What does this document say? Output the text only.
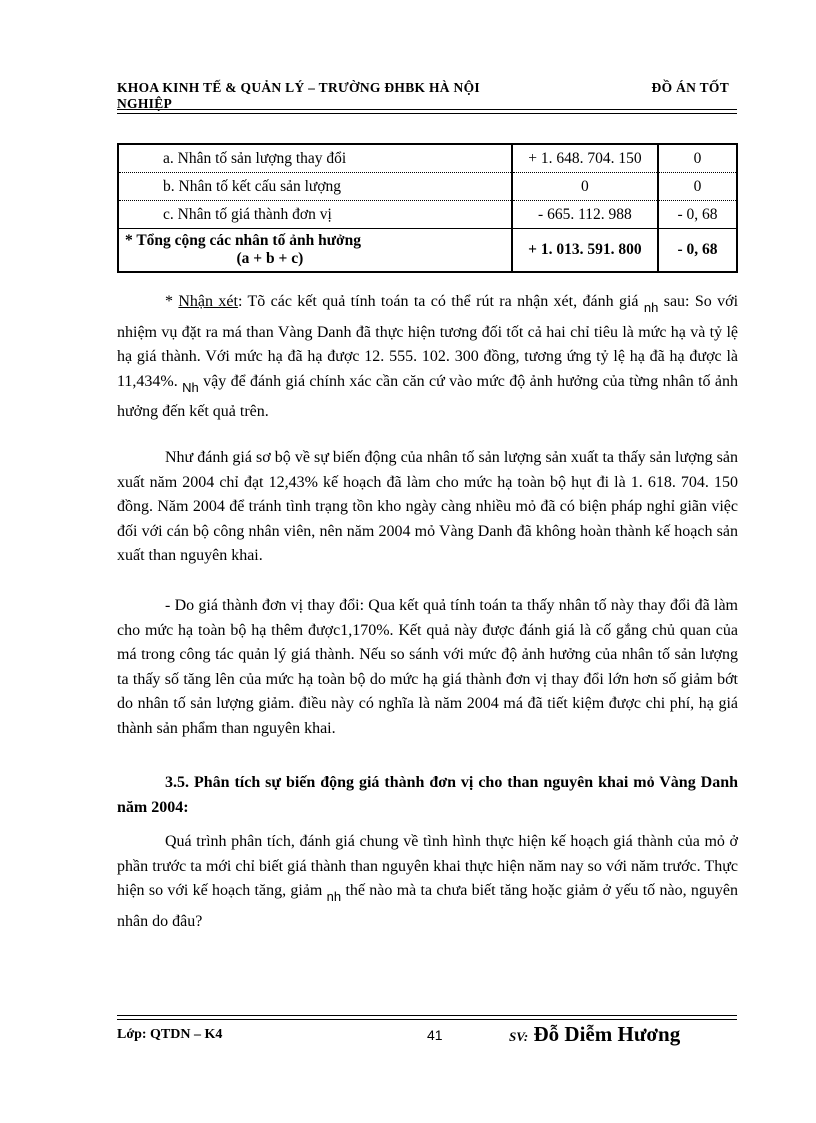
KHOA KINH TẾ & QUẢN LÝ – TRƯỜNG ĐHBK HÀ NỘI
NGHIỆP
ĐỒ ÁN TỐT
a. Nhân tố sản lượng thay đổi	+ 1. 648. 704. 150	0
b. Nhân tố kết cấu sản lượng	0	0
c. Nhân tố giá thành đơn vị	- 665. 112. 988	- 0, 68

* Tổng cộng các nhân tố ảnh hưởng
(a + b + c)	+ 1. 013. 591. 800	- 0, 68

* Nhận xét: Tõ các kết quả tính toán ta có thể rút ra nhận xét, đánh giá $_{nh}$ sau: So với nhiệm vụ đặt ra má than Vàng Danh đã thực hiện tương đối tốt cả hai chỉ tiêu là mức hạ và tỷ lệ hạ giá thành. Với mức hạ đã hạ được 12. 555. 102. 300 đồng, tương ứng tỷ lệ hạ đã hạ được là 11,434%. $_{Nh}$ vậy để đánh giá chính xác cần căn cứ vào mức độ ảnh hưởng của từng nhân tố ảnh hưởng đến kết quả trên.

Như đánh giá sơ bộ về sự biến động của nhân tố sản lượng sản xuất ta thấy sản lượng sản xuất năm 2004 chỉ đạt 12,43% kế hoạch đã làm cho mức hạ toàn bộ hụt đi là 1. 618. 704. 150 đồng. Năm 2004 để tránh tình trạng tồn kho ngày càng nhiều mỏ đã có biện pháp nghỉ giãn việc đối với cán bộ công nhân viên, nên năm 2004 mỏ Vàng Danh đã không hoàn thành kế hoạch sản xuất than nguyên khai.

- Do giá thành đơn vị thay đổi: Qua kết quả tính toán ta thấy nhân tố này thay đổi đã làm cho mức hạ toàn bộ hạ thêm được1,170%. Kết quả này được đánh giá là cố gắng chủ quan của má trong công tác quản lý giá thành. Nếu so sánh với mức độ ảnh hưởng của nhân tố sản lượng ta thấy số tăng lên của mức hạ toàn bộ do mức hạ giá thành đơn vị thay đổi lớn hơn số giảm bớt do nhân tố sản lượng giảm. điều này có nghĩa là năm 2004 má đã tiết kiệm được chi phí, hạ giá thành sản phẩm than nguyên khai.

3.5. Phân tích sự biến động giá thành đơn vị cho than nguyên khai mỏ Vàng Danh năm 2004:

Quá trình phân tích, đánh giá chung về tình hình thực hiện kế hoạch giá thành của mỏ ở phần trước ta mới chỉ biết giá thành than nguyên khai thực hiện năm nay so với năm trước. Thực hiện so với kế hoạch tăng, giảm $_{nh}$ thế nào mà ta chưa biết tăng hoặc giảm ở yếu tố nào, nguyên nhân do đâu?

Lớp: QTDN – K4	41	SV: Đỗ Diễm Hương
